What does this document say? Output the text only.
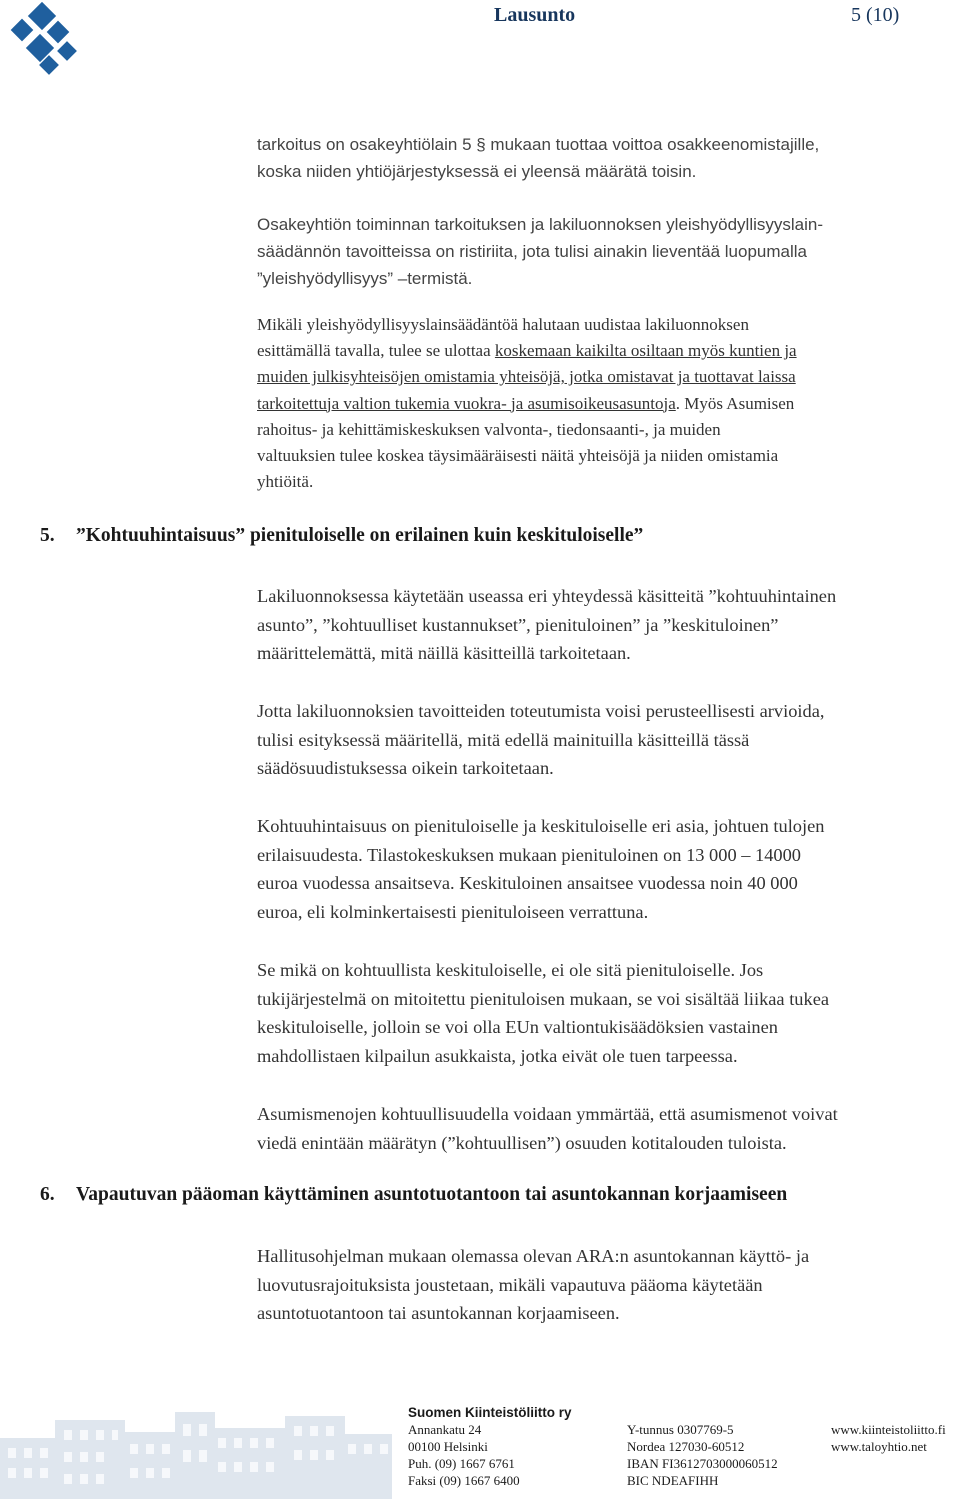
Lausunto	5 (10)
tarkoitus on osakeyhtiölain 5 § mukaan tuottaa voittoa osakkeenomistajille,
koska niiden yhtiöjärjestyksessä ei yleensä määrätä toisin.
Osakeyhtiön toiminnan tarkoituksen ja lakiluonnoksen yleishyödyllisyyslain-
säädännön tavoitteissa on ristiriita, jota tulisi ainakin lieventää luopumalla
”yleishyödyllisyys” –termistä.
Mikäli yleishyödyllisyyslainsäädäntöä halutaan uudistaa lakiluonnoksen
esittämällä tavalla, tulee se ulottaa koskemaan kaikilta osiltaan myös kuntien ja
muiden julkisyhteisöjen omistamia yhteisöjä, jotka omistavat ja tuottavat laissa
tarkoitettuja valtion tukemia vuokra- ja asumisoikeusasuntoja. Myös Asumisen
rahoitus- ja kehittämiskeskuksen valvonta-, tiedonsaanti-, ja muiden
valtuuksien tulee koskea täysimääräisesti näitä yhteisöjä ja niiden omistamia
yhtiöitä.
5. ”Kohtuuhintaisuus” pienituloiselle on erilainen kuin keskituloiselle”
Lakiluonnoksessa käytetään useassa eri yhteydessä käsitteitä ”kohtuuhintainen
asunto”, ”kohtuulliset kustannukset”, pienituloinen” ja ”keskituloinen”
määrittelemättä, mitä näillä käsitteillä tarkoitetaan.
Jotta lakiluonnoksien tavoitteiden toteutumista voisi perusteellisesti arvioida,
tulisi esityksessä määritellä, mitä edellä mainituilla käsitteillä tässä
säädösuudistuksessa oikein tarkoitetaan.
Kohtuuhintaisuus on pienituloiselle ja keskituloiselle eri asia, johtuen tulojen
erilaisuudesta. Tilastokeskuksen mukaan pienituloinen on 13 000 – 14000
euroa vuodessa ansaitseva. Keskituloinen ansaitsee vuodessa noin 40 000
euroa, eli kolminkertaisesti pienituloiseen verrattuna.
Se mikä on kohtuullista keskituloiselle, ei ole sitä pienituloiselle. Jos
tukijärjestelmä on mitoitettu pienituloisen mukaan, se voi sisältää liikaa tukea
keskituloiselle, jolloin se voi olla EUn valtiontukisäädöksien vastainen
mahdollistaen kilpailun asukkaista, jotka eivät ole tuen tarpeessa.
Asumismenojen kohtuullisuudella voidaan ymmärtää, että asumismenot voivat
viedä enintään määrätyn (”kohtuullisen”) osuuden kotitalouden tuloista.
6. Vapautuvan pääoman käyttäminen asuntotuotantoon tai asuntokannan korjaamiseen
Hallitusohjelman mukaan olemassa olevan ARA:n asuntokannan käyttö- ja
luovutusrajoituksista joustetaan, mikäli vapautuva pääoma käytetään
asuntotuotantoon tai asuntokannan korjaamiseen.
Suomen Kiinteistöliitto ry
Annankatu 24
00100 Helsinki
Puh. (09) 1667 6761
Faksi (09) 1667 6400
Y-tunnus 0307769-5
Nordea 127030-60512
IBAN FI3612703000060512
BIC NDEAFIHH
www.kiinteistoliitto.fi
www.taloyhtio.net
